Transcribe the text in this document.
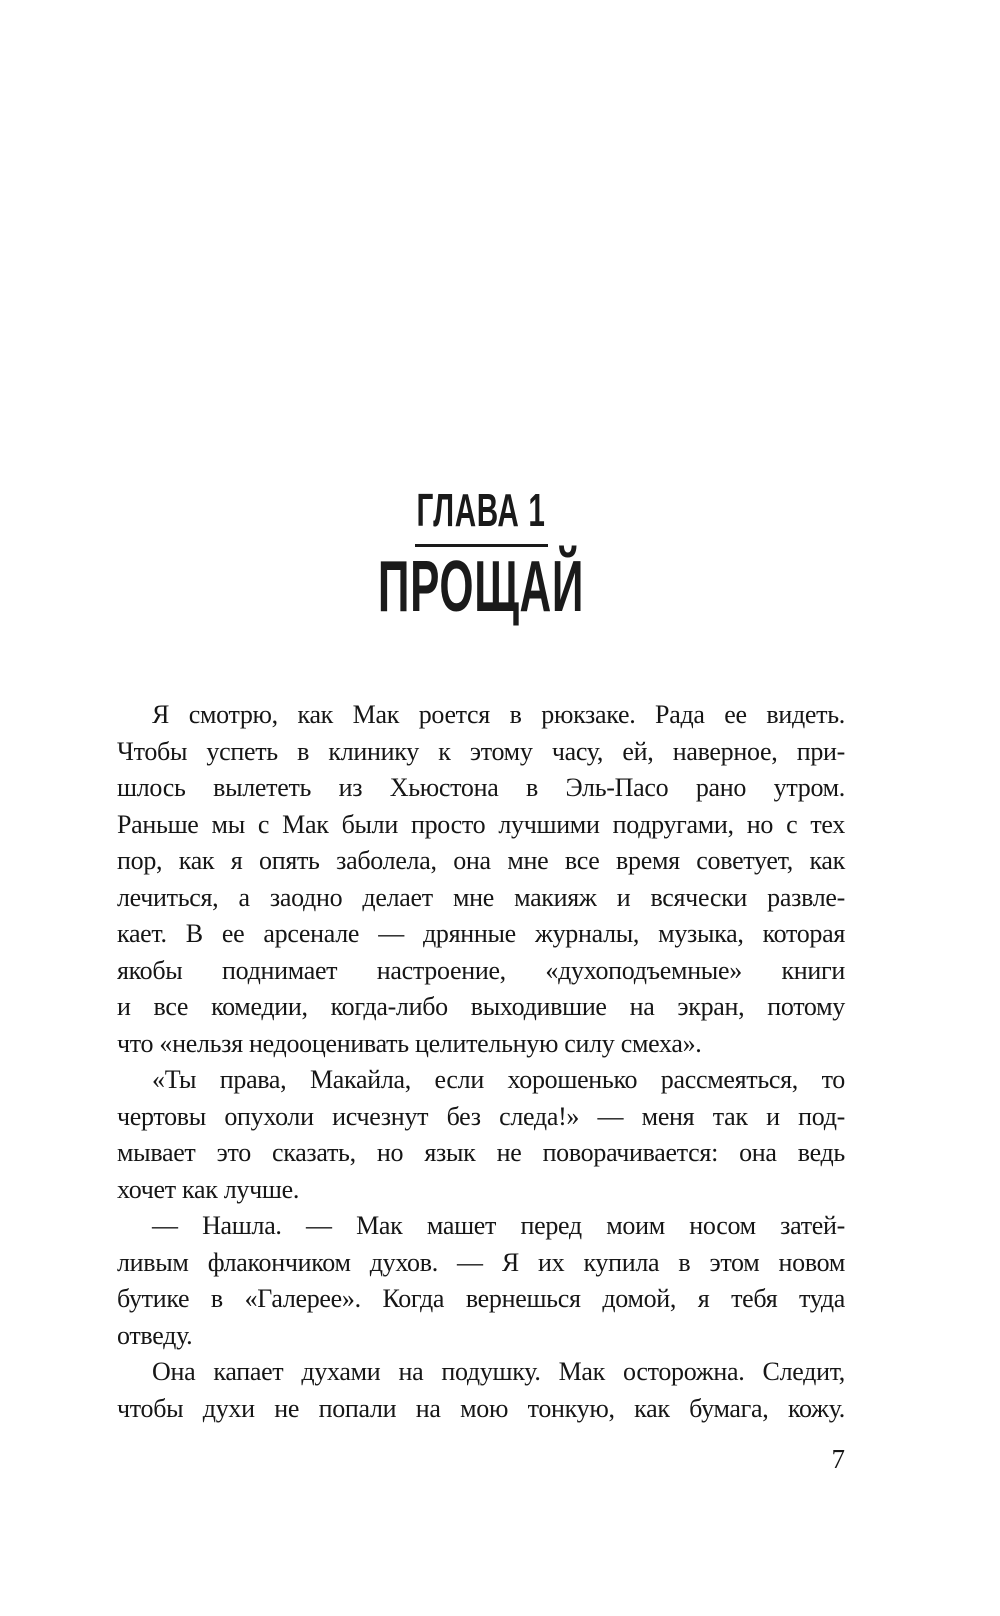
ГЛАВА 1
ПРОЩАЙ
Я смотрю, как Мак роется в рюкзаке. Рада ее видеть.
Чтобы успеть в клинику к этому часу, ей, наверное, при-
шлось вылететь из Хьюстона в Эль-Пасо рано утром.
Раньше мы с Мак были просто лучшими подругами, но с тех
пор, как я опять заболела, она мне все время советует, как
лечиться, а заодно делает мне макияж и всячески развле-
кает. В ее арсенале — дрянные журналы, музыка, которая
якобы поднимает настроение, «духоподъемные» книги
и все комедии, когда-либо выходившие на экран, потому
что «нельзя недооценивать целительную силу смеха».
«Ты права, Макайла, если хорошенько рассмеяться, то
чертовы опухоли исчезнут без следа!» — меня так и под-
мывает это сказать, но язык не поворачивается: она ведь
хочет как лучше.
— Нашла. — Мак машет перед моим носом затей-
ливым флакончиком духов. — Я их купила в этом новом
бутике в «Галерее». Когда вернешься домой, я тебя туда
отведу.
Она капает духами на подушку. Мак осторожна. Следит,
чтобы духи не попали на мою тонкую, как бумага, кожу.
7
